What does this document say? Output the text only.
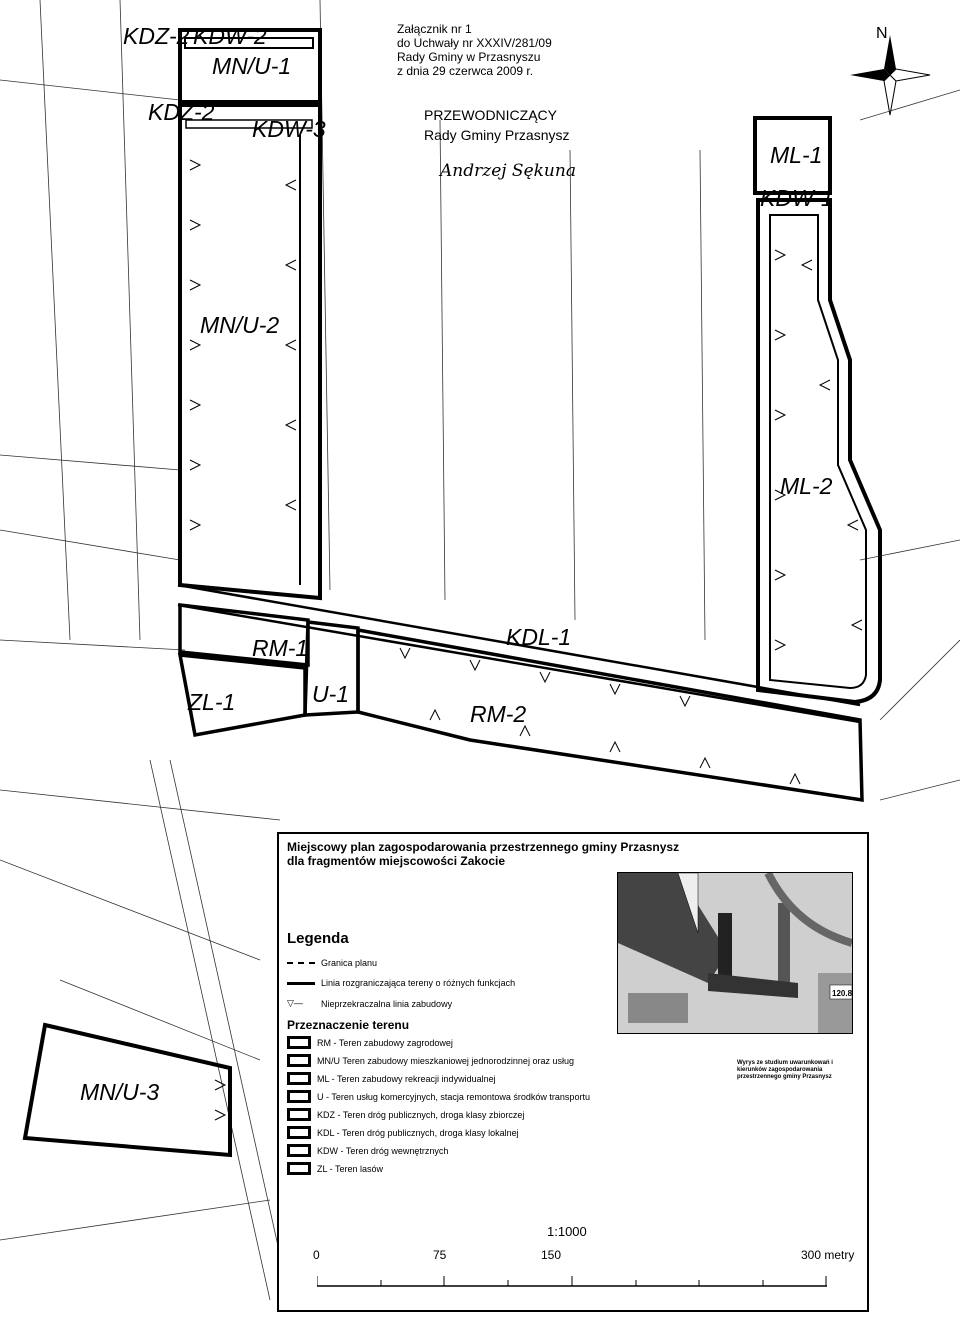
N
KDZ-2 KDW-2
MN/U-1
KDZ-2
KDW-3
MN/U-2
ML-1
KDW-1
ML-2
KDL-1
RM-1
ZL-1	U-1
RM-2
MN/U-3
PRZEWODNICZĄCY
Rady Gminy Przasnysz
Andrzej Sękuna
Załącznik nr 1
do Uchwały nr XXXIV/281/09
Rady Gminy w Przasnyszu
z dnia 29 czerwca 2009 r.
Miejscowy plan zagospodarowania przestrzennego gminy Przasnysz
dla fragmentów miejscowości Zakocie
Legenda
Granica planu
Linia rozgraniczająca tereny o różnych funkcjach
▽—	Nieprzekraczalna linia zabudowy
Przeznaczenie terenu
RM - Teren zabudowy zagrodowej
MN/U Teren zabudowy mieszkaniowej jednorodzinnej oraz usług
ML - Teren zabudowy rekreacji indywidualnej
U - Teren usług komercyjnych, stacja remontowa środków transportu
KDZ - Teren dróg publicznych, droga klasy zbiorczej
KDL - Teren dróg publicznych, droga klasy lokalnej
KDW - Teren dróg wewnętrznych
ZL - Teren lasów
120.8
Wyrys ze studium uwarunkowań i kierunków zagospodarowania przestrzennego gminy Przasnysz
1:1000
0	75	150	300 metry
